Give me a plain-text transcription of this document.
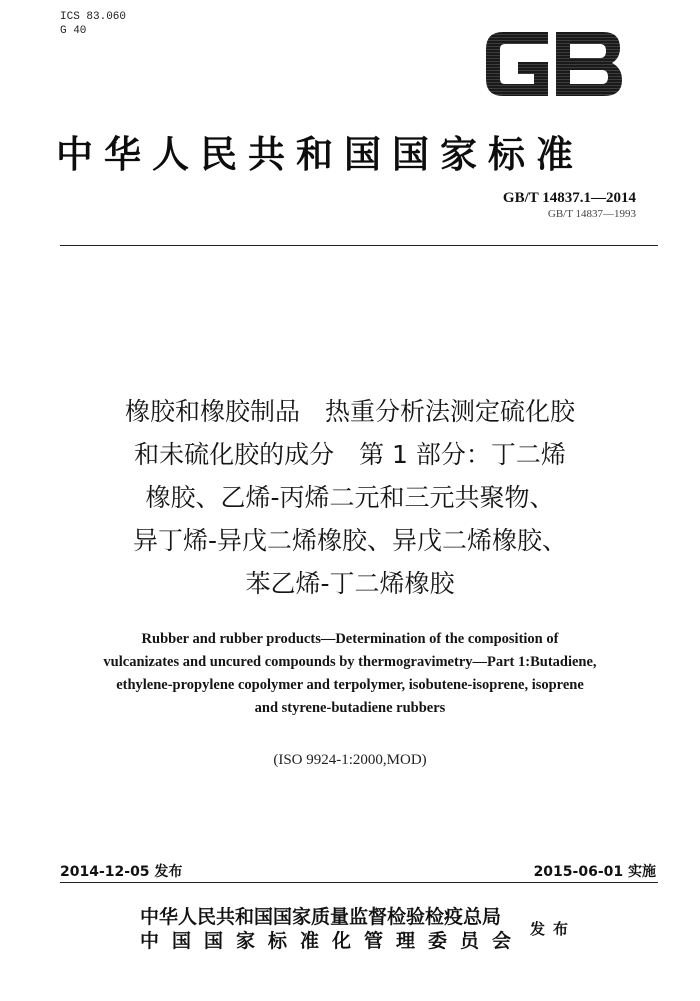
ICS 83.060
G 40
GB
中华人民共和国国家标准
GB/T 14837.1—2014
GB/T 14837—1993
橡胶和橡胶制品　热重分析法测定硫化胶
和未硫化胶的成分　第 1 部分：丁二烯
橡胶、乙烯-丙烯二元和三元共聚物、
异丁烯-异戊二烯橡胶、异戊二烯橡胶、
苯乙烯-丁二烯橡胶
Rubber and rubber products—Determination of the composition of
vulcanizates and uncured compounds by thermogravimetry—Part 1:Butadiene,
ethylene-propylene copolymer and terpolymer, isobutene-isoprene, isoprene
and styrene-butadiene rubbers
(ISO 9924-1:2000,MOD)
2014-12-05 发布	2015-06-01 实施
中华人民共和国国家质量监督检验检疫总局
中国国家标准化管理委员会
发布
